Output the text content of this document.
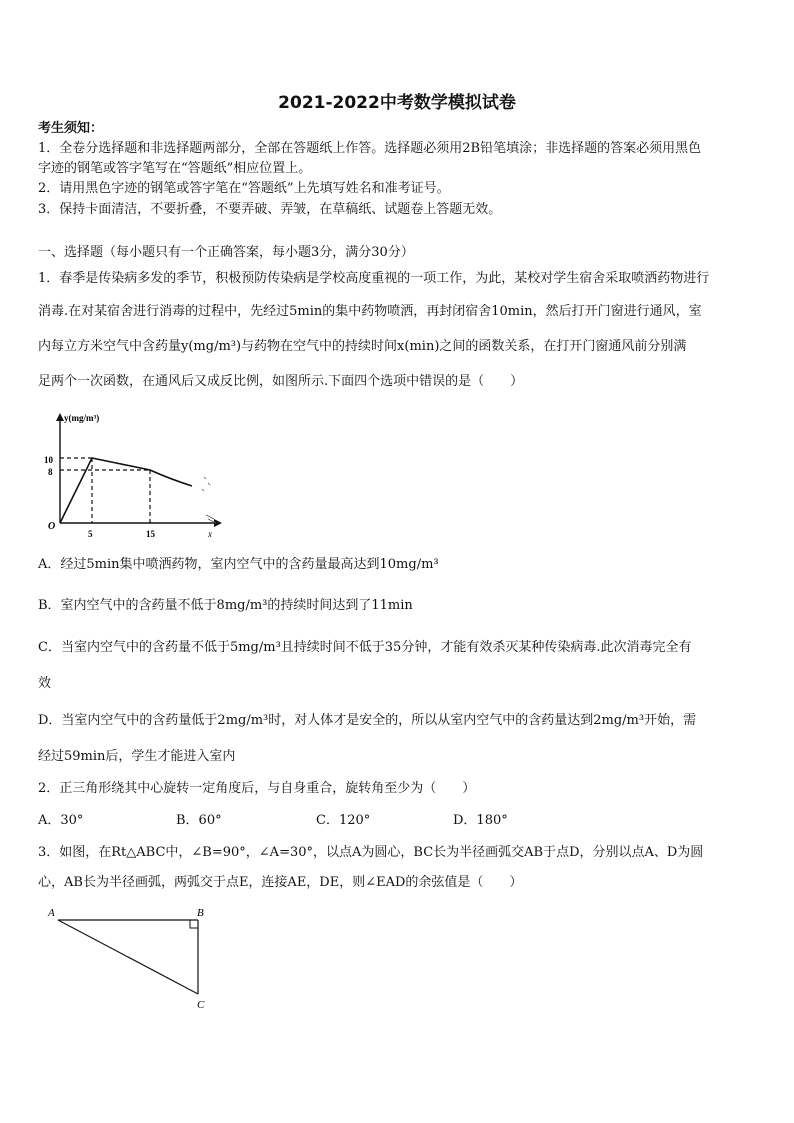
2021-2022中考数学模拟试卷
考生须知：
1．全卷分选择题和非选择题两部分，全部在答题纸上作答。选择题必须用2B铅笔填涂；非选择题的答案必须用黑色
字迹的钢笔或答字笔写在“答题纸”相应位置上。
2．请用黑色字迹的钢笔或答字笔在“答题纸”上先填写姓名和准考证号。
3．保持卡面清洁，不要折叠，不要弄破、弄皱，在草稿纸、试题卷上答题无效。
一、选择题（每小题只有一个正确答案，每小题3分，满分30分）
1．春季是传染病多发的季节，积极预防传染病是学校高度重视的一项工作，为此，某校对学生宿舍采取喷洒药物进行
消毒.在对某宿舍进行消毒的过程中，先经过5min的集中药物喷洒，再封闭宿舍10min，然后打开门窗进行通风，室
内每立方米空气中含药量y(mg/m³)与药物在空气中的持续时间x(min)之间的函数关系，在打开门窗通风前分别满
足两个一次函数，在通风后又成反比例，如图所示.下面四个选项中错误的是（　　）
y(mg/m³)
O
10
8
5	15	x
A．经过5min集中喷洒药物，室内空气中的含药量最高达到10mg/m³
B．室内空气中的含药量不低于8mg/m³的持续时间达到了11min
C．当室内空气中的含药量不低于5mg/m³且持续时间不低于35分钟，才能有效杀灭某种传染病毒.此次消毒完全有
效
D．当室内空气中的含药量低于2mg/m³时，对人体才是安全的，所以从室内空气中的含药量达到2mg/m³开始，需
经过59min后，学生才能进入室内
2．正三角形绕其中心旋转一定角度后，与自身重合，旋转角至少为（　　）
A．30°	B．60°	C．120°	D．180°
3．如图，在Rt△ABC中，∠B=90°，∠A=30°，以点A为圆心，BC长为半径画弧交AB于点D，分别以点A、D为圆
心，AB长为半径画弧，两弧交于点E，连接AE，DE，则∠EAD的余弦值是（　　）
A	B
C
